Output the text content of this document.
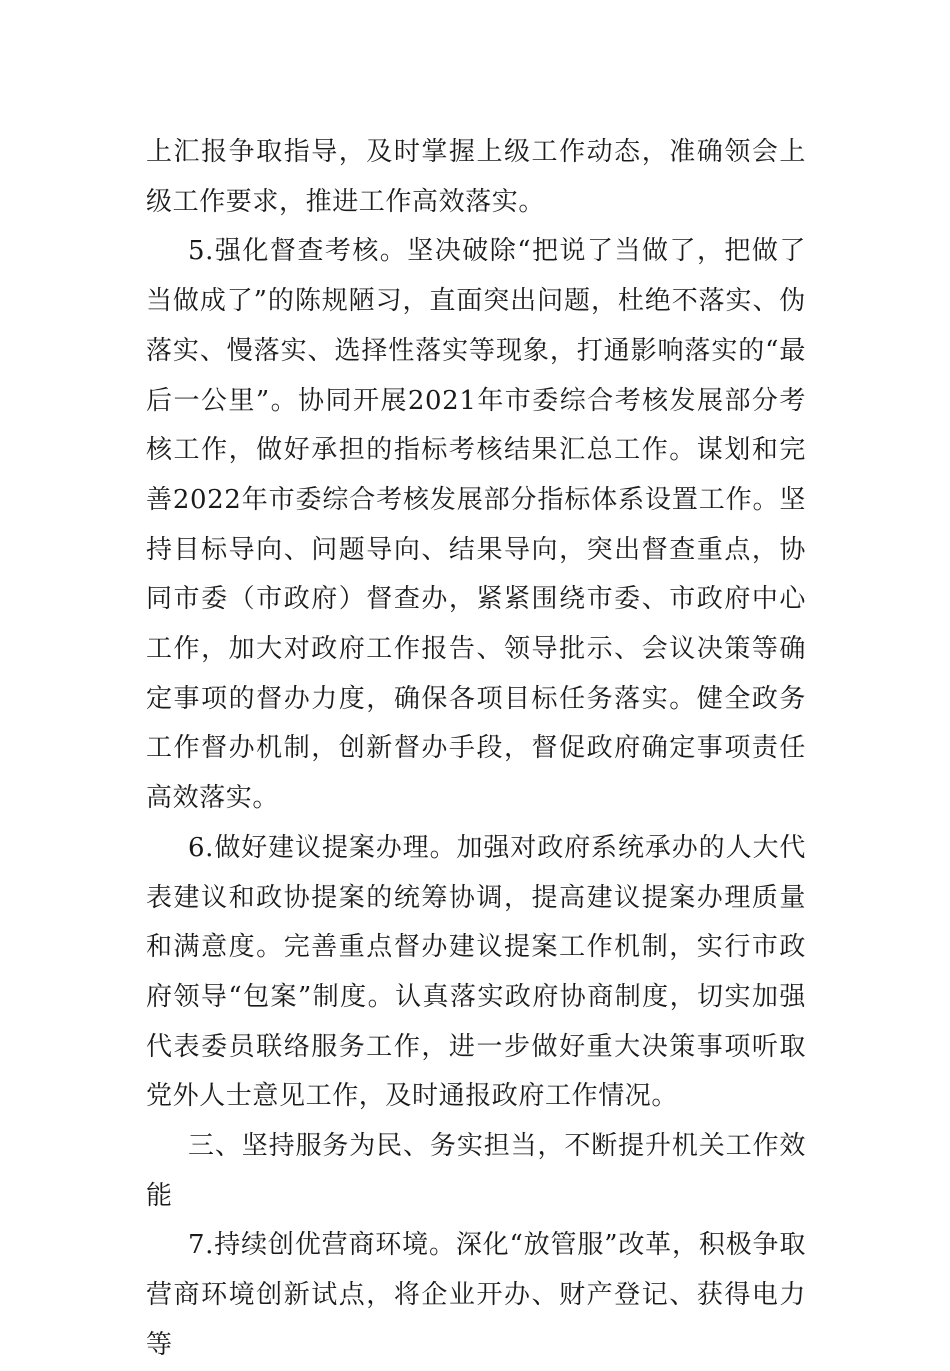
上汇报争取指导，及时掌握上级工作动态，准确领会上级工作要求，推进工作高效落实。

5.强化督查考核。坚决破除“把说了当做了，把做了当做成了”的陈规陋习，直面突出问题，杜绝不落实、伪落实、慢落实、选择性落实等现象，打通影响落实的“最后一公里”。协同开展2021年市委综合考核发展部分考核工作，做好承担的指标考核结果汇总工作。谋划和完善2022年市委综合考核发展部分指标体系设置工作。坚持目标导向、问题导向、结果导向，突出督查重点，协同市委（市政府）督查办，紧紧围绕市委、市政府中心工作，加大对政府工作报告、领导批示、会议决策等确定事项的督办力度，确保各项目标任务落实。健全政务工作督办机制，创新督办手段，督促政府确定事项责任高效落实。

6.做好建议提案办理。加强对政府系统承办的人大代表建议和政协提案的统筹协调，提高建议提案办理质量和满意度。完善重点督办建议提案工作机制，实行市政府领导“包案”制度。认真落实政府协商制度，切实加强代表委员联络服务工作，进一步做好重大决策事项听取党外人士意见工作，及时通报政府工作情况。

三、坚持服务为民、务实担当，不断提升机关工作效能

7.持续创优营商环境。深化“放管服”改革，积极争取营商环境创新试点，将企业开办、财产登记、获得电力等
